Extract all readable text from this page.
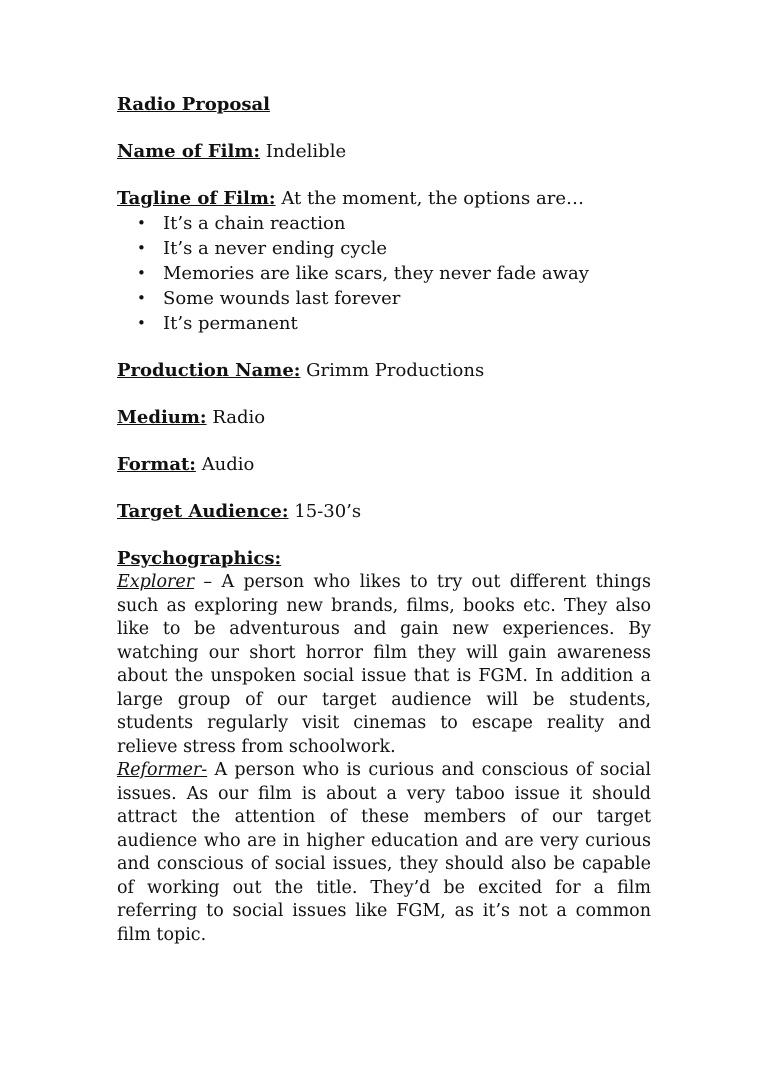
Radio Proposal
Name of Film: Indelible
Tagline of Film: At the moment, the options are…
• It’s a chain reaction
• It’s a never ending cycle
• Memories are like scars, they never fade away
• Some wounds last forever
• It’s permanent
Production Name: Grimm Productions
Medium: Radio
Format: Audio
Target Audience: 15-30’s
Psychographics:

Explorer – A person who likes to try out different things such as exploring new brands, films, books etc. They also like to be adventurous and gain new experiences. By watching our short horror film they will gain awareness about the unspoken social issue that is FGM. In addition a large group of our target audience will be students, students regularly visit cinemas to escape reality and relieve stress from schoolwork.

Reformer- A person who is curious and conscious of social issues. As our film is about a very taboo issue it should attract the attention of these members of our target audience who are in higher education and are very curious and conscious of social issues, they should also be capable of working out the title. They’d be excited for a film referring to social issues like FGM, as it’s not a common film topic.
